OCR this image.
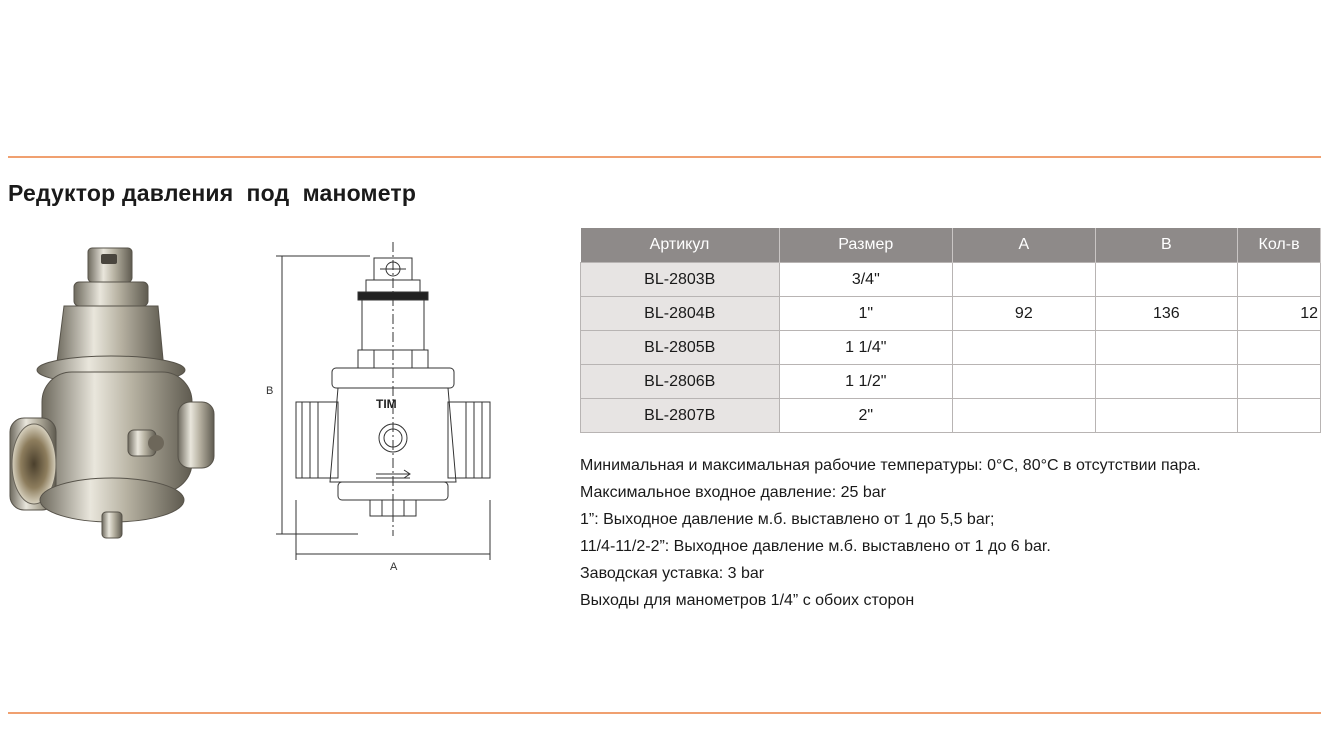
Редуктор давления  под  манометр
B
A
TIM
Артикул	Размер	A	B	Кол-в
BL-2803B	3/4"			
BL-2804B	1"	92	136	12
BL-2805B	1 1/4"			
BL-2806B	1 1/2"			
BL-2807B	2"			
Минимальная и максимальная рабочие температуры: 0°С, 80°С в отсутствии пара.
Максимальное входное давление: 25 bar
1”: Выходное давление м.б. выставлено от 1 до 5,5 bar;
11/4-11/2-2”: Выходное давление м.б. выставлено от 1 до 6 bar.
Заводская уставка: 3 bar
Выходы для манометров 1/4” с обоих сторон
